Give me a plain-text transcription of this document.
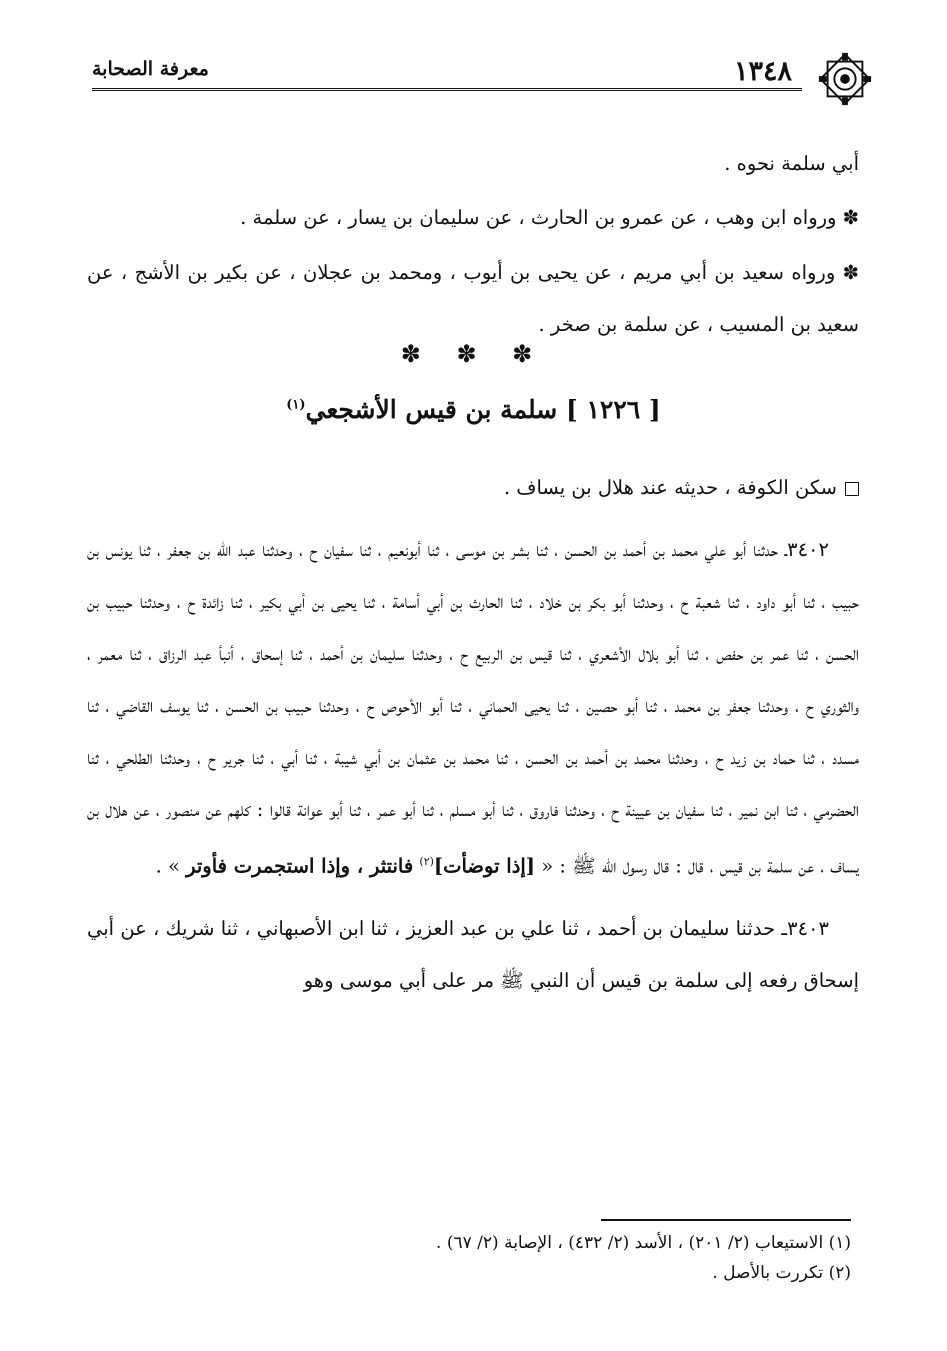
١٣٤٨
معرفة الصحابة

أبي سلمة نحوه .

✽ ورواه ابن وهب ، عن عمرو بن الحارث ، عن سليمان بن يسار ، عن سلمة .

✽ ورواه سعيد بن أبي مريم ، عن يحيى بن أيوب ، ومحمد بن عجلان ، عن بكير بن الأشج ، عن سعيد بن المسيب ، عن سلمة بن صخر .

✽ ✽ ✽
[ ١٢٢٦ ] سلمة بن قيس الأشجعي$^{(١)}$

سكن الكوفة ، حديثه عند هلال بن يساف .

٣٤٠٢ـ حدثنا أبو علي محمد بن أحمد بن الحسن ، ثنا بشر بن موسى ، ثنا أبونعيم ، ثنا سفيان ح ، وحدثنا عبد الله بن جعفر ، ثنا يونس بن حبيب ، ثنا أبو داود ، ثنا شعبة ح ، وحدثنا أبو بكر بن خلاد ، ثنا الحارث بن أبي أسامة ، ثنا يحيى بن أبي بكير ، ثنا زائدة ح ، وحدثنا حبيب بن الحسن ، ثنا عمر بن حفص ، ثنا أبو بلال الأشعري ، ثنا قيس بن الربيع ح ، وحدثنا سليمان بن أحمد ، ثنا إسحاق ، أنبأ عبد الرزاق ، ثنا معمر ، والثوري ح ، وحدثنا جعفر بن محمد ، ثنا أبو حصين ، ثنا يحيى الحماني ، ثنا أبو الأحوص ح ، وحدثنا حبيب بن الحسن ، ثنا يوسف القاضي ، ثنا مسدد ، ثنا حماد بن زيد ح ، وحدثنا محمد بن أحمد بن الحسن ، ثنا محمد بن عثمان بن أبي شيبة ، ثنا أبي ، ثنا جرير ح ، وحدثنا الطلحي ، ثنا الحضرمي ، ثنا ابن نمير ، ثنا سفيان بن عيينة ح ، وحدثنا فاروق ، ثنا أبو مسلم ، ثنا أبو عمر ، ثنا أبو عوانة قالوا : كلهم عن منصور ، عن هلال بن يساف ، عن سلمة بن قيس ، قال : قال رسول الله ﷺ : « [إذا توضأت]$^{(٢)}$ فانتثر ، وإذا استجمرت فأوتر » .

٣٤٠٣ـ حدثنا سليمان بن أحمد ، ثنا علي بن عبد العزيز ، ثنا ابن الأصبهاني ، ثنا شريك ، عن أبي إسحاق رفعه إلى سلمة بن قيس أن النبي ﷺ مر على أبي موسى وهو

(١) الاستيعاب (٢/ ٢٠١) ، الأسد (٢/ ٤٣٢) ، الإصابة (٢/ ٦٧) .

(٢) تكررت بالأصل .
